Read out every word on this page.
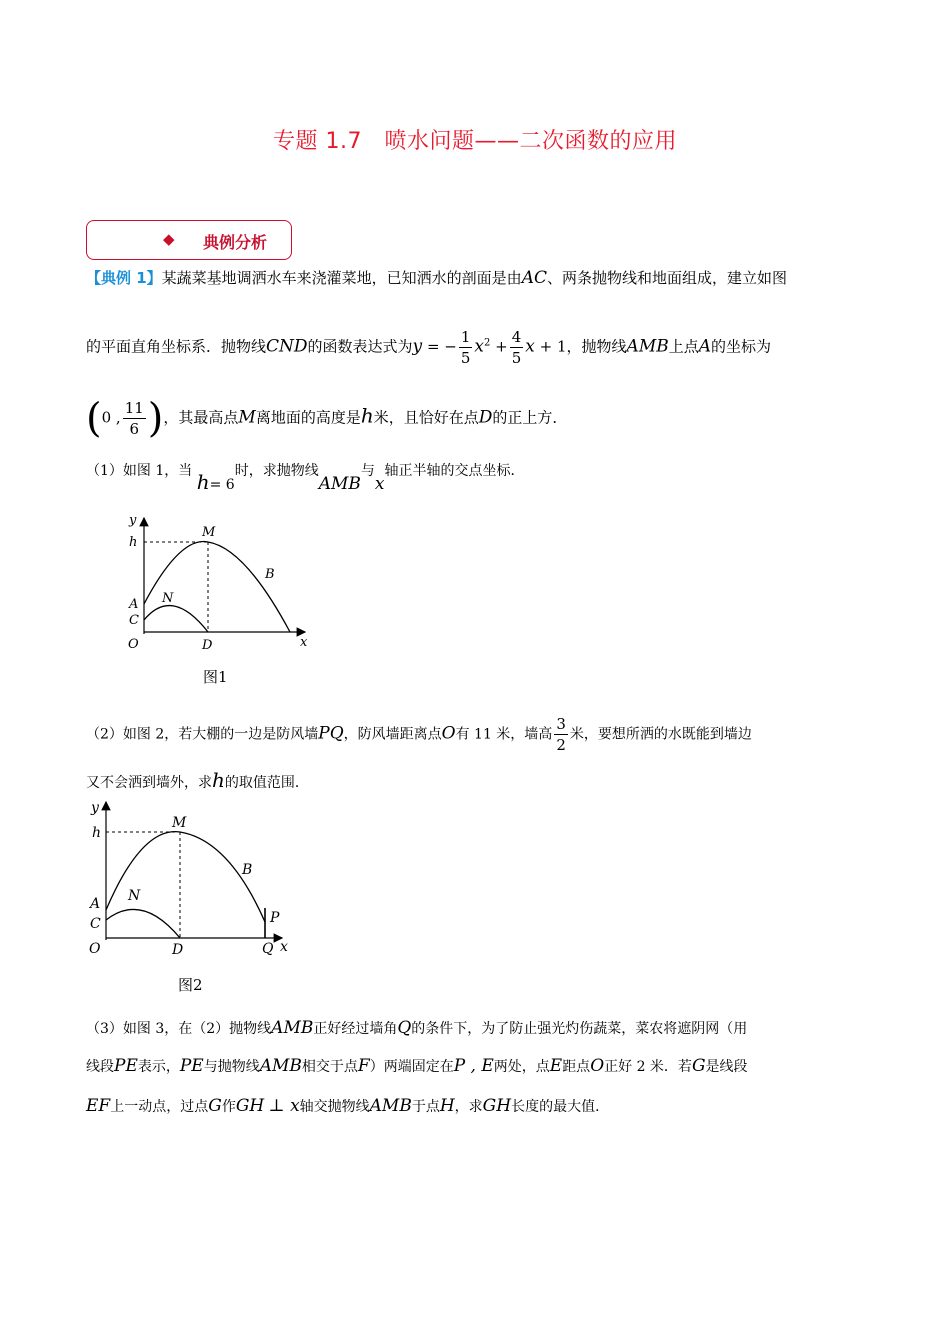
专题 1.7　喷水问题——二次函数的应用
◆ 典例分析
【典例 1】某蔬菜基地调洒水车来浇灌菜地，已知洒水的剖面是由AC、两条抛物线和地面组成，建立如图
的平面直角坐标系．抛物线CND的函数表达式为y = − $\frac{1}{5} x^2 + \frac{4}{5}$ x + 1，抛物线AMB上点A的坐标为
(0 , $\frac{11}{6}$ )，其最高点M离地面的高度是h米，且恰好在点D的正上方．
（1）如图 1，当 h= 6时，求抛物线AMB与x轴正半轴的交点坐标．
y
h
M
B
A N
C
O	D	x
图1
（2）如图 2，若大棚的一边是防风墙PQ，防风墙距离点O有 11 米，墙高 $\frac{3}{2}$ 米，要想所洒的水既能到墙边
又不会洒到墙外，求h的取值范围．
y
h
M
B
A N
C
O	D
P
Q x
图2
（3）如图 3，在（2）抛物线AMB正好经过墙角Q的条件下，为了防止强光灼伤蔬菜，菜农将遮阴网（用
线段PE表示，PE与抛物线AMB相交于点F）两端固定在P , E两处，点E距点O正好 2 米．若G是线段
EF上一动点，过点G作GH ⊥ x轴交抛物线AMB于点H，求GH长度的最大值．
